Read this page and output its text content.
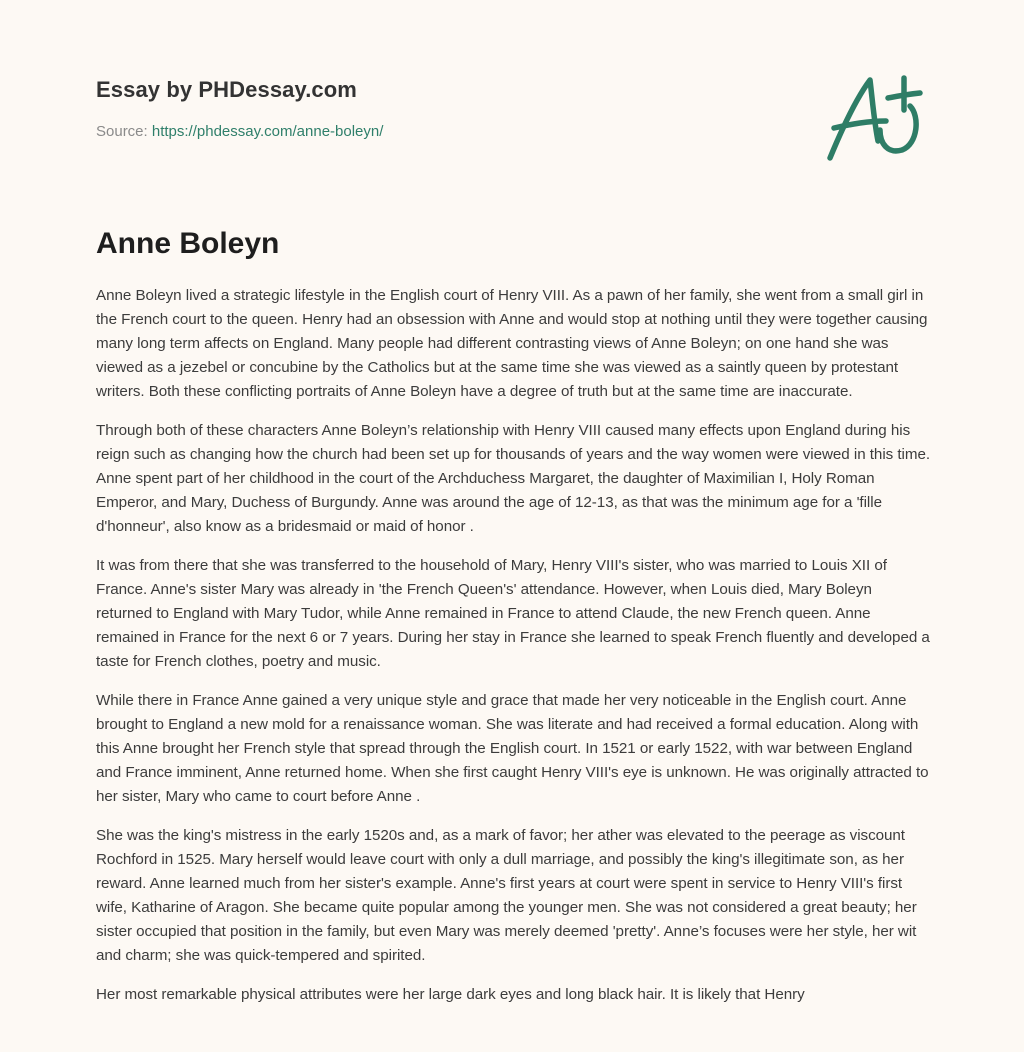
Essay by PHDessay.com
Source: https://phdessay.com/anne-boleyn/
Anne Boleyn

Anne Boleyn lived a strategic lifestyle in the English court of Henry VIII. As a pawn of her family, she went from a small girl in the French court to the queen. Henry had an obsession with Anne and would stop at nothing until they were together causing many long term affects on England. Many people had different contrasting views of Anne Boleyn; on one hand she was viewed as a jezebel or concubine by the Catholics but at the same time she was viewed as a saintly queen by protestant writers. Both these conflicting portraits of Anne Boleyn have a degree of truth but at the same time are inaccurate.

Through both of these characters Anne Boleyn’s relationship with Henry VIII caused many effects upon England during his reign such as changing how the church had been set up for thousands of years and the way women were viewed in this time. Anne spent part of her childhood in the court of the Archduchess Margaret, the daughter of Maximilian I, Holy Roman Emperor, and Mary, Duchess of Burgundy. Anne was around the age of 12-13, as that was the minimum age for a 'fille d'honneur', also know as a bridesmaid or maid of honor .

It was from there that she was transferred to the household of Mary, Henry VIII's sister, who was married to Louis XII of France. Anne's sister Mary was already in 'the French Queen's' attendance. However, when Louis died, Mary Boleyn returned to England with Mary Tudor, while Anne remained in France to attend Claude, the new French queen. Anne remained in France for the next 6 or 7 years. During her stay in France she learned to speak French fluently and developed a taste for French clothes, poetry and music.

While there in France Anne gained a very unique style and grace that made her very noticeable in the English court. Anne brought to England a new mold for a renaissance woman. She was literate and had received a formal education. Along with this Anne brought her French style that spread through the English court. In 1521 or early 1522, with war between England and France imminent, Anne returned home. When she first caught Henry VIII's eye is unknown. He was originally attracted to her sister, Mary who came to court before Anne .

She was the king's mistress in the early 1520s and, as a mark of favor; her ather was elevated to the peerage as viscount Rochford in 1525. Mary herself would leave court with only a dull marriage, and possibly the king's illegitimate son, as her reward. Anne learned much from her sister's example. Anne's first years at court were spent in service to Henry VIII's first wife, Katharine of Aragon. She became quite popular among the younger men. She was not considered a great beauty; her sister occupied that position in the family, but even Mary was merely deemed 'pretty'. Anne’s focuses were her style, her wit and charm; she was quick-tempered and spirited.

Her most remarkable physical attributes were her large dark eyes and long black hair. It is likely that Henry
